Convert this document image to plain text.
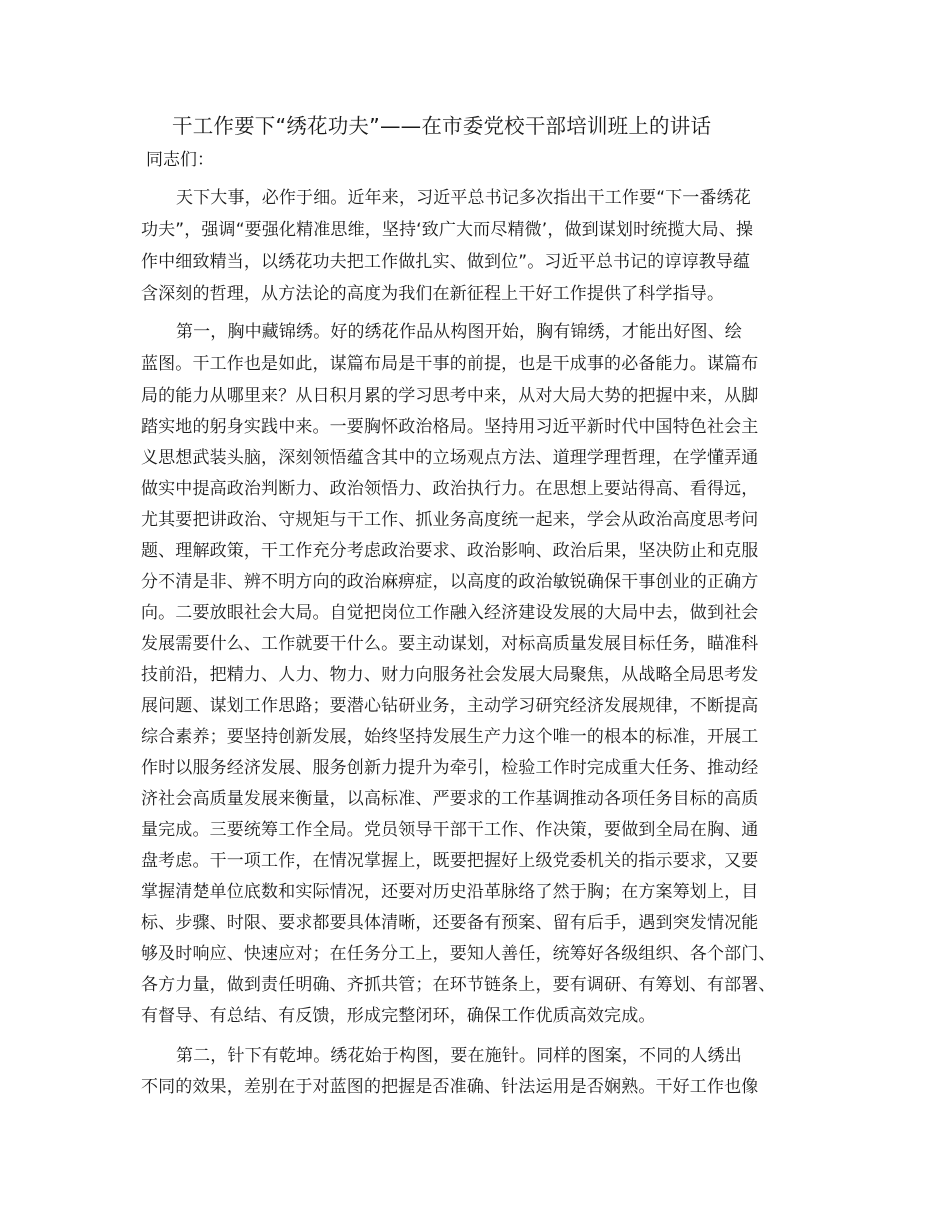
干工作要下“绣花功夫”——在市委党校干部培训班上的讲话
同志们：
天下大事，必作于细。近年来，习近平总书记多次指出干工作要“下一番绣花
功夫”，强调“要强化精准思维，坚持‘致广大而尽精微’，做到谋划时统揽大局、操
作中细致精当，以绣花功夫把工作做扎实、做到位”。习近平总书记的谆谆教导蕴
含深刻的哲理，从方法论的高度为我们在新征程上干好工作提供了科学指导。
第一，胸中藏锦绣。好的绣花作品从构图开始，胸有锦绣，才能出好图、绘
蓝图。干工作也是如此，谋篇布局是干事的前提，也是干成事的必备能力。谋篇布
局的能力从哪里来？从日积月累的学习思考中来，从对大局大势的把握中来，从脚
踏实地的躬身实践中来。一要胸怀政治格局。坚持用习近平新时代中国特色社会主
义思想武装头脑，深刻领悟蕴含其中的立场观点方法、道理学理哲理，在学懂弄通
做实中提高政治判断力、政治领悟力、政治执行力。在思想上要站得高、看得远，
尤其要把讲政治、守规矩与干工作、抓业务高度统一起来，学会从政治高度思考问
题、理解政策，干工作充分考虑政治要求、政治影响、政治后果，坚决防止和克服
分不清是非、辨不明方向的政治麻痹症，以高度的政治敏锐确保干事创业的正确方
向。二要放眼社会大局。自觉把岗位工作融入经济建设发展的大局中去，做到社会
发展需要什么、工作就要干什么。要主动谋划，对标高质量发展目标任务，瞄准科
技前沿，把精力、人力、物力、财力向服务社会发展大局聚焦，从战略全局思考发
展问题、谋划工作思路；要潜心钻研业务，主动学习研究经济发展规律，不断提高
综合素养；要坚持创新发展，始终坚持发展生产力这个唯一的根本的标准，开展工
作时以服务经济发展、服务创新力提升为牵引，检验工作时完成重大任务、推动经
济社会高质量发展来衡量，以高标准、严要求的工作基调推动各项任务目标的高质
量完成。三要统筹工作全局。党员领导干部干工作、作决策，要做到全局在胸、通
盘考虑。干一项工作，在情况掌握上，既要把握好上级党委机关的指示要求，又要
掌握清楚单位底数和实际情况，还要对历史沿革脉络了然于胸；在方案筹划上，目
标、步骤、时限、要求都要具体清晰，还要备有预案、留有后手，遇到突发情况能
够及时响应、快速应对；在任务分工上，要知人善任，统筹好各级组织、各个部门、
各方力量，做到责任明确、齐抓共管；在环节链条上，要有调研、有筹划、有部署、
有督导、有总结、有反馈，形成完整闭环，确保工作优质高效完成。
第二，针下有乾坤。绣花始于构图，要在施针。同样的图案，不同的人绣出
不同的效果，差别在于对蓝图的把握是否准确、针法运用是否娴熟。干好工作也像
